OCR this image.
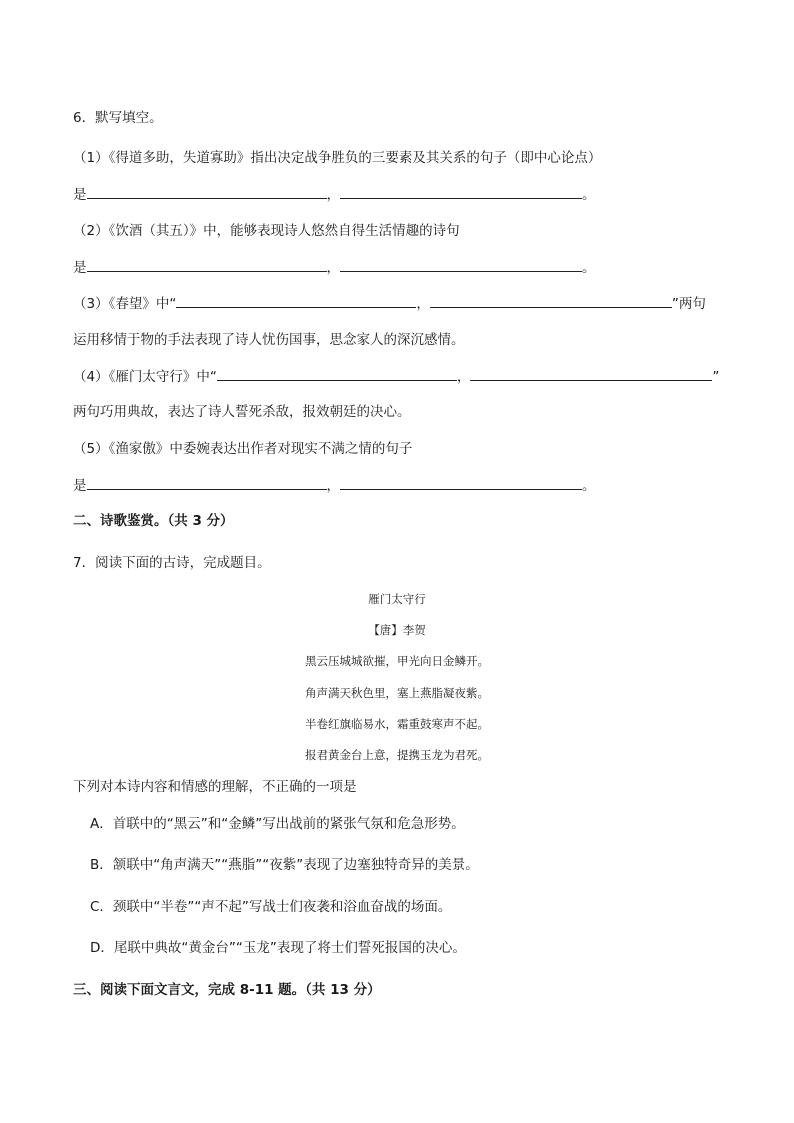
6．默写填空。
（1）《得道多助，失道寡助》指出决定战争胜负的三要素及其关系的句子（即中心论点）
是	，	。
（2）《饮酒（其五）》中，能够表现诗人悠然自得生活情趣的诗句
是	，	。
（3）《春望》中“	，	”两句
运用移情于物的手法表现了诗人忧伤国事，思念家人的深沉感情。
（4）《雁门太守行》中“	，	”
两句巧用典故，表达了诗人誓死杀敌，报效朝廷的决心。
（5）《渔家傲》中委婉表达出作者对现实不满之情的句子
是	，	。
二、诗歌鉴赏。（共 3 分）
7．阅读下面的古诗，完成题目。
雁门太守行
【唐】李贺
黑云压城城欲摧，甲光向日金鳞开。
角声满天秋色里，塞上燕脂凝夜紫。
半卷红旗临易水，霜重鼓寒声不起。
报君黄金台上意，提携玉龙为君死。
下列对本诗内容和情感的理解，不正确的一项是
A．首联中的“黑云”和“金鳞”写出战前的紧张气氛和危急形势。
B．颔联中“角声满天”“燕脂”“夜紫”表现了边塞独特奇异的美景。
C．颈联中“半卷”“声不起”写战士们夜袭和浴血奋战的场面。
D．尾联中典故“黄金台”“玉龙”表现了将士们誓死报国的决心。
三、阅读下面文言文，完成 8-11 题。（共 13 分）
